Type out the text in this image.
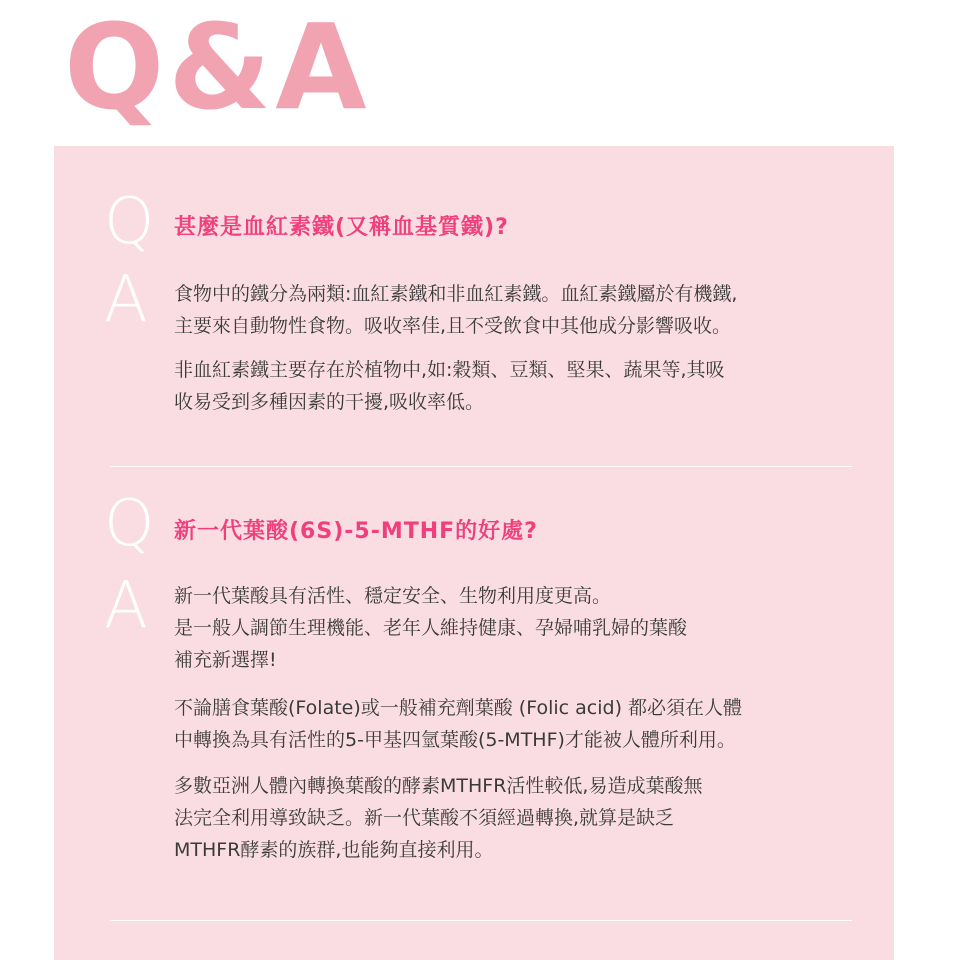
Q&A
Q 甚麼是血紅素鐵(又稱血基質鐵)?
A 食物中的鐵分為兩類:血紅素鐵和非血紅素鐵。血紅素鐵屬於有機鐵,
主要來自動物性食物。吸收率佳,且不受飲食中其他成分影響吸收。

非血紅素鐵主要存在於植物中,如:穀類、豆類、堅果、蔬果等,其吸
收易受到多種因素的干擾,吸收率低。

Q 新一代葉酸(6S)-5-MTHF的好處?
A 新一代葉酸具有活性、穩定安全、生物利用度更高。
是一般人調節生理機能、老年人維持健康、孕婦哺乳婦的葉酸
補充新選擇!

不論膳食葉酸(Folate)或一般補充劑葉酸 (Folic acid) 都必須在人體
中轉換為具有活性的5-甲基四氫葉酸(5-MTHF)才能被人體所利用。

多數亞洲人體內轉換葉酸的酵素MTHFR活性較低,易造成葉酸無
法完全利用導致缺乏。新一代葉酸不須經過轉換,就算是缺乏
MTHFR酵素的族群,也能夠直接利用。
